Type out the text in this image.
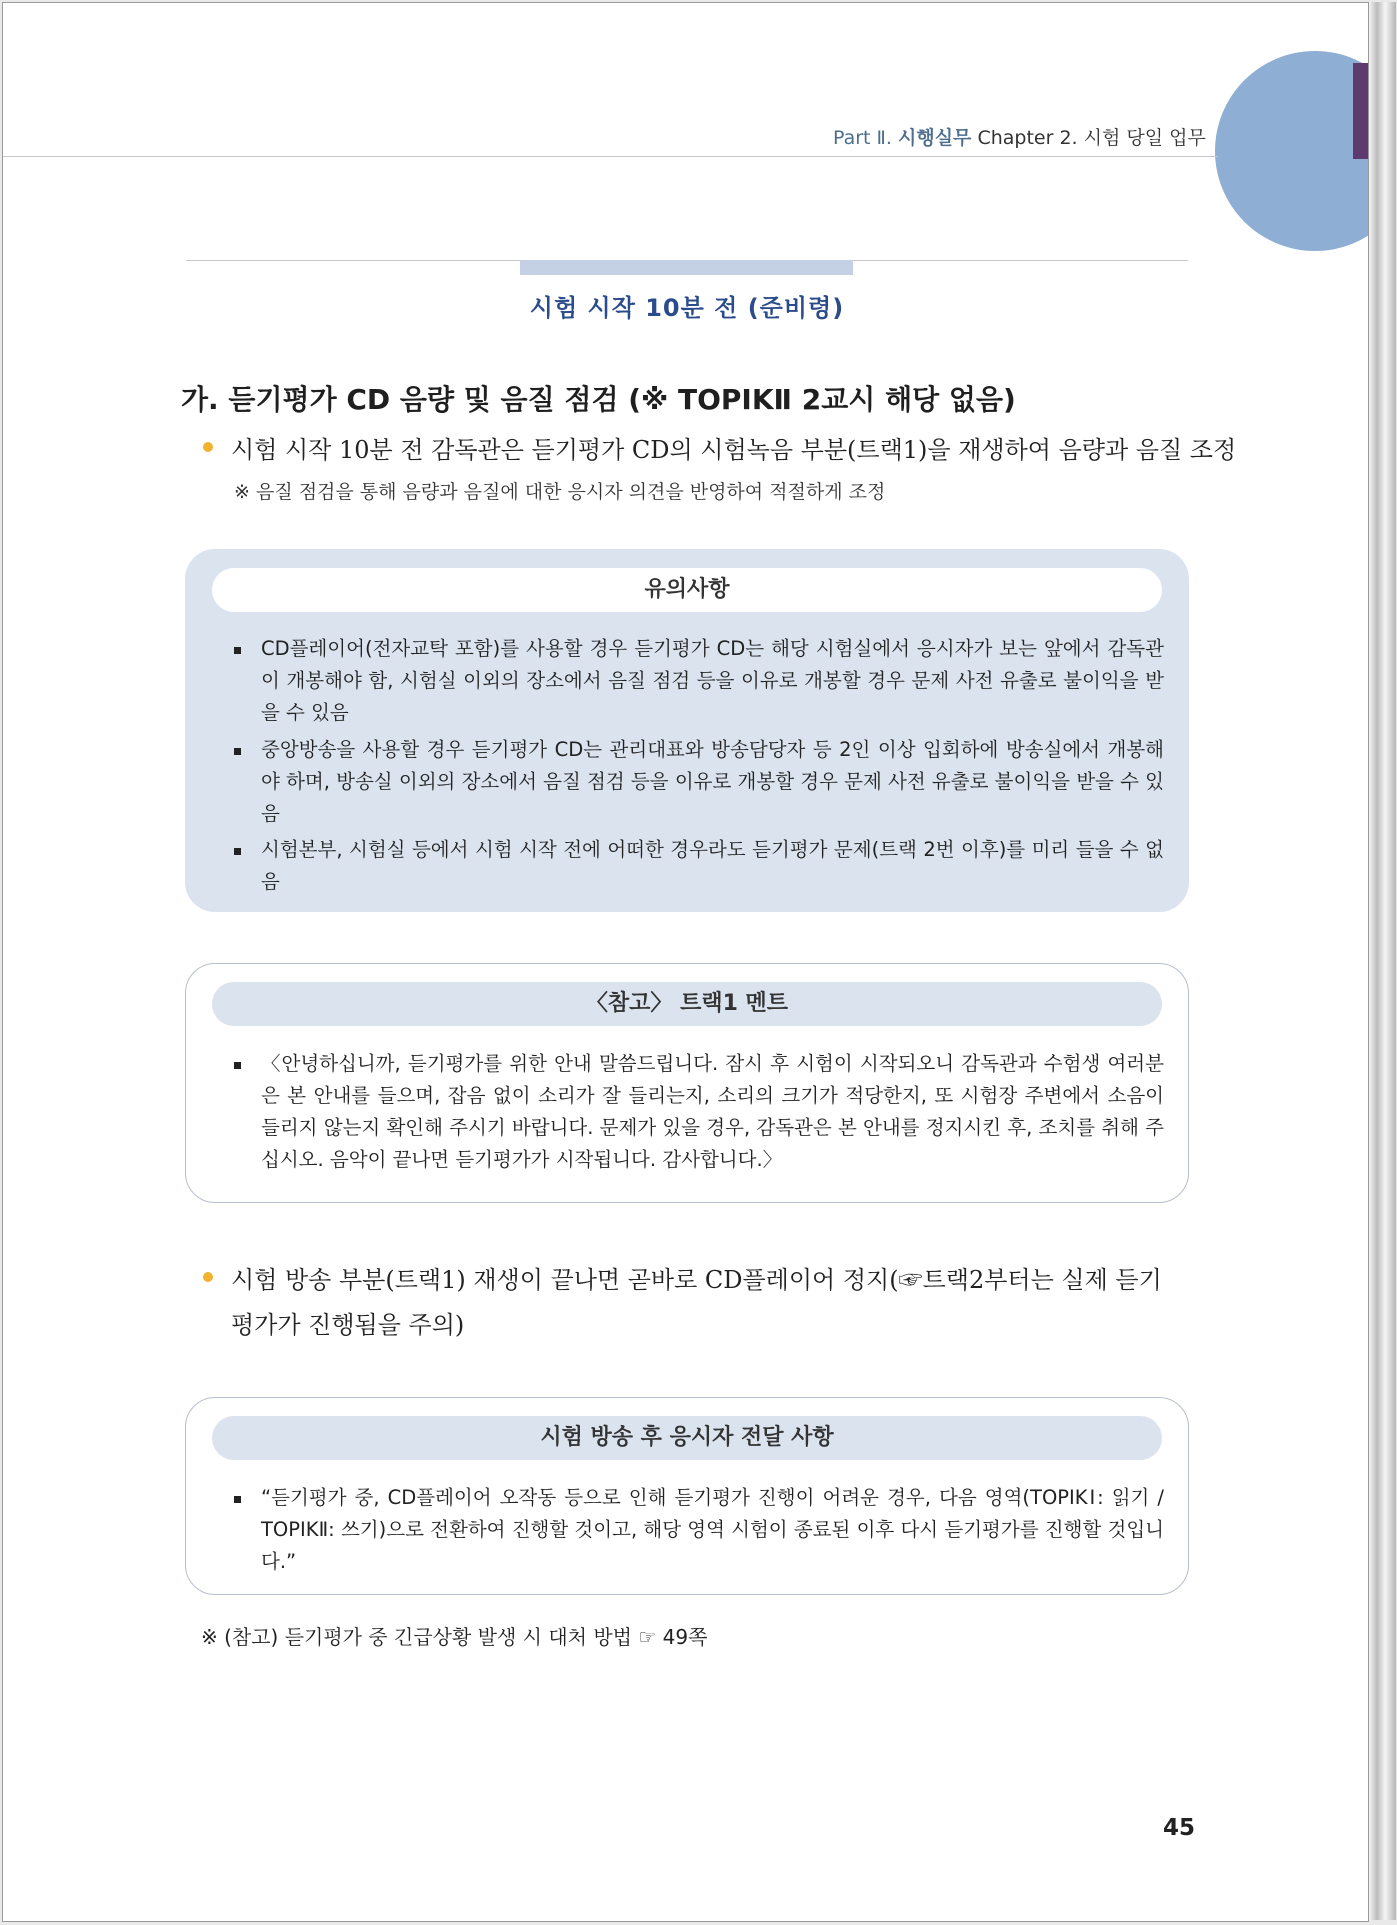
Part Ⅱ. 시행실무 Chapter 2. 시험 당일 업무
시험 시작 10분 전 (준비령)
가. 듣기평가 CD 음량 및 음질 점검 (※ TOPIKⅡ 2교시 해당 없음)
시험 시작 10분 전 감독관은 듣기평가 CD의 시험녹음 부분(트랙1)을 재생하여 음량과 음질 조정
※ 음질 점검을 통해 음량과 음질에 대한 응시자 의견을 반영하여 적절하게 조정
유의사항
CD플레이어(전자교탁 포함)를 사용할 경우 듣기평가 CD는 해당 시험실에서 응시자가 보는 앞에서 감독관이 개봉해야 함, 시험실 이외의 장소에서 음질 점검 등을 이유로 개봉할 경우 문제 사전 유출로 불이익을 받을 수 있음
중앙방송을 사용할 경우 듣기평가 CD는 관리대표와 방송담당자 등 2인 이상 입회하에 방송실에서 개봉해야 하며, 방송실 이외의 장소에서 음질 점검 등을 이유로 개봉할 경우 문제 사전 유출로 불이익을 받을 수 있음
시험본부, 시험실 등에서 시험 시작 전에 어떠한 경우라도 듣기평가 문제(트랙 2번 이후)를 미리 들을 수 없음
〈참고〉 트랙1 멘트
〈안녕하십니까, 듣기평가를 위한 안내 말씀드립니다. 잠시 후 시험이 시작되오니 감독관과 수험생 여러분은 본 안내를 들으며, 잡음 없이 소리가 잘 들리는지, 소리의 크기가 적당한지, 또 시험장 주변에서 소음이 들리지 않는지 확인해 주시기 바랍니다. 문제가 있을 경우, 감독관은 본 안내를 정지시킨 후, 조치를 취해 주십시오. 음악이 끝나면 듣기평가가 시작됩니다. 감사합니다.〉
시험 방송 부분(트랙1) 재생이 끝나면 곧바로 CD플레이어 정지(☞트랙2부터는 실제 듣기
평가가 진행됨을 주의)
시험 방송 후 응시자 전달 사항
“듣기평가 중, CD플레이어 오작동 등으로 인해 듣기평가 진행이 어려운 경우, 다음 영역(TOPIKⅠ: 읽기 / TOPIKⅡ: 쓰기)으로 전환하여 진행할 것이고, 해당 영역 시험이 종료된 이후 다시 듣기평가를 진행할 것입니다.”
※ (참고) 듣기평가 중 긴급상황 발생 시 대처 방법 ☞ 49쪽
45
